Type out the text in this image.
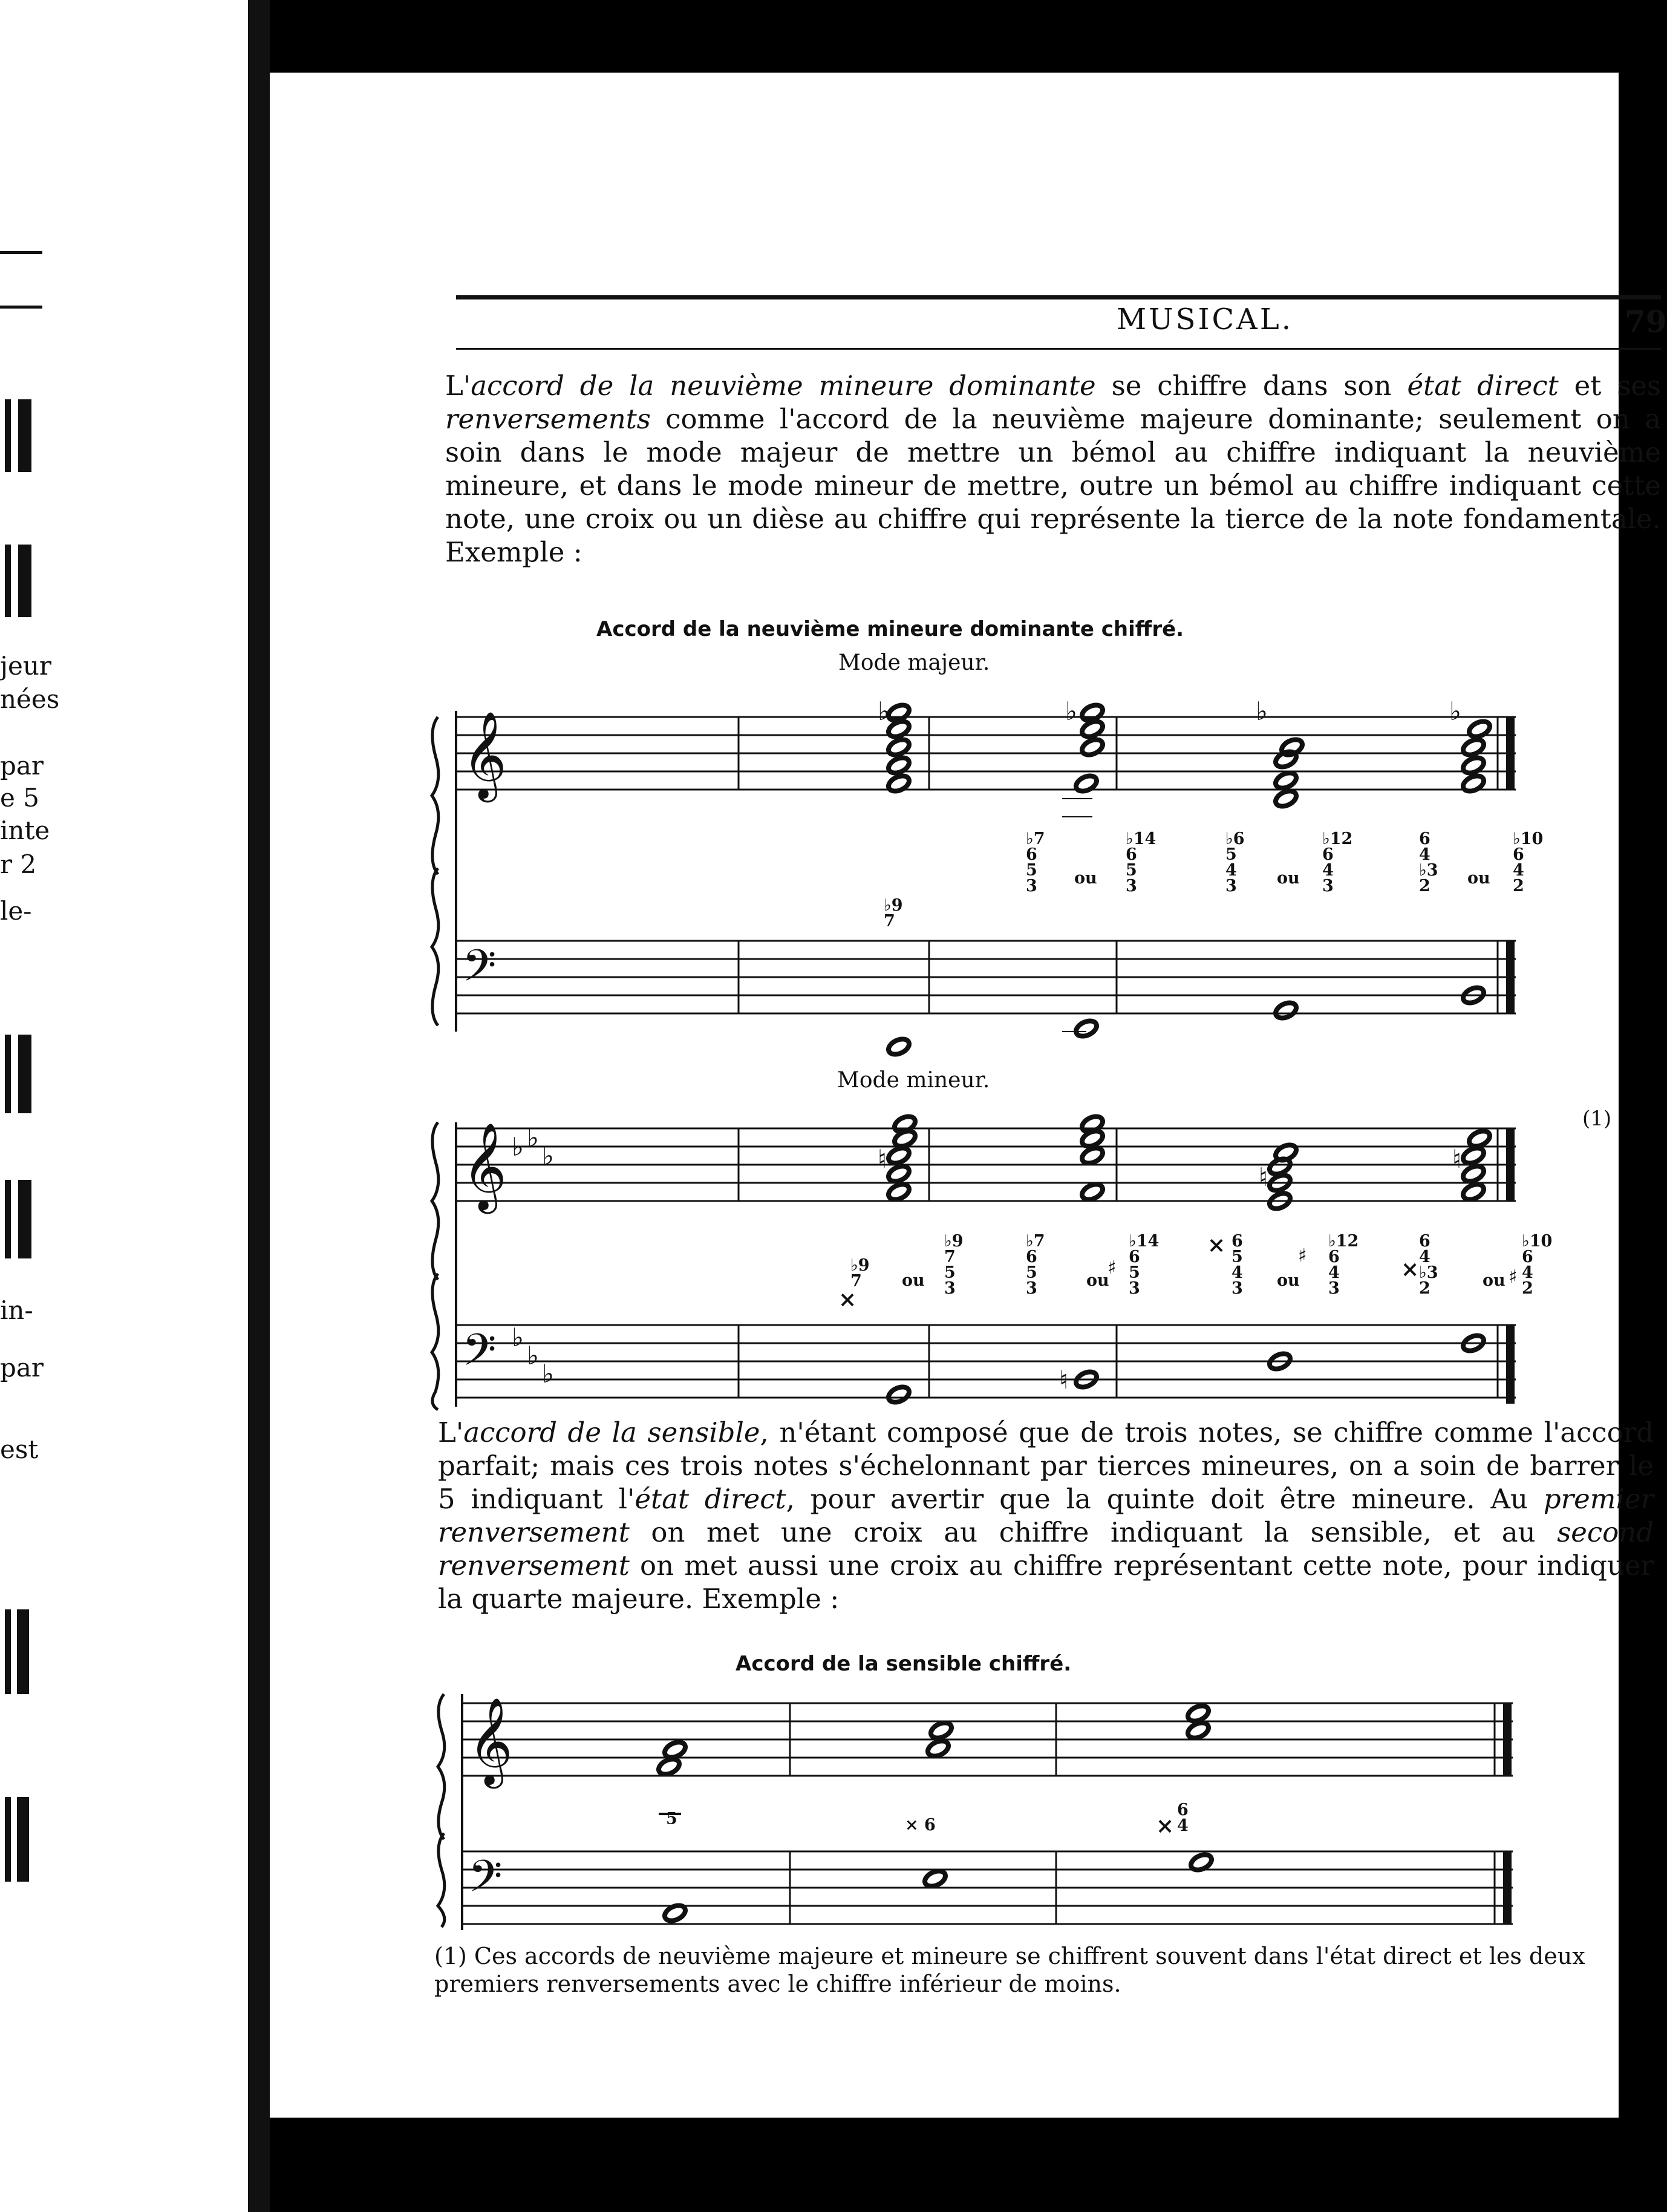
jeur
nées
par
e 5
inte
r 2
le-
in-
par
est
MUSICAL.	79

L'accord de la neuvième mineure dominante se chiffre dans son état direct et ses renversements comme l'accord de la neuvième majeure dominante; seulement on a soin dans le mode majeur de mettre un bémol au chiffre indiquant la neuvième mineure, et dans le mode mineur de mettre, outre un bémol au chiffre indiquant cette note, une croix ou un dièse au chiffre qui représente la tierce de la note fondamentale. Exemple :

Accord de la neuvième mineure dominante chiffré.
Mode majeur.
𝄞
𝄢
♭	♭	♭	♭
♭9 7
♭7 6 5 3
♭14 6 5 3
♭6 5 4 3
♭12 6 4 3
6 4 ♭3 2
♭10 6 4 2
ou	ou	ou
Mode mineur.
𝄞
𝄢
♭ ♭
♭
♭
♭
♭
♮
♮
♮
♮
(1)
♭9 7
♭9 7 5 3
♭7 6 5 3
♭14 6 5 3
6 5 4 3
♭12 6 4 3
6 4 ♭3 2
♭10 6 4 2
ou	ou	ou	ou
♯
♯
♯
×
×
×

L'accord de la sensible, n'étant composé que de trois notes, se chiffre comme l'accord parfait; mais ces trois notes s'échelonnant par tierces mineures, on a soin de barrer le 5 indiquant l'état direct, pour avertir que la quinte doit être mineure. Au premier renversement on met une croix au chiffre indiquant la sensible, et au second renversement on met aussi une croix au chiffre représentant cette note, pour indiquer la quarte majeure. Exemple :

Accord de la sensible chiffré.
𝄞
𝄢
5	× 6
6 4
×

(1) Ces accords de neuvième majeure et mineure se chiffrent souvent dans l'état direct et les deux premiers renversements avec le chiffre inférieur de moins.
